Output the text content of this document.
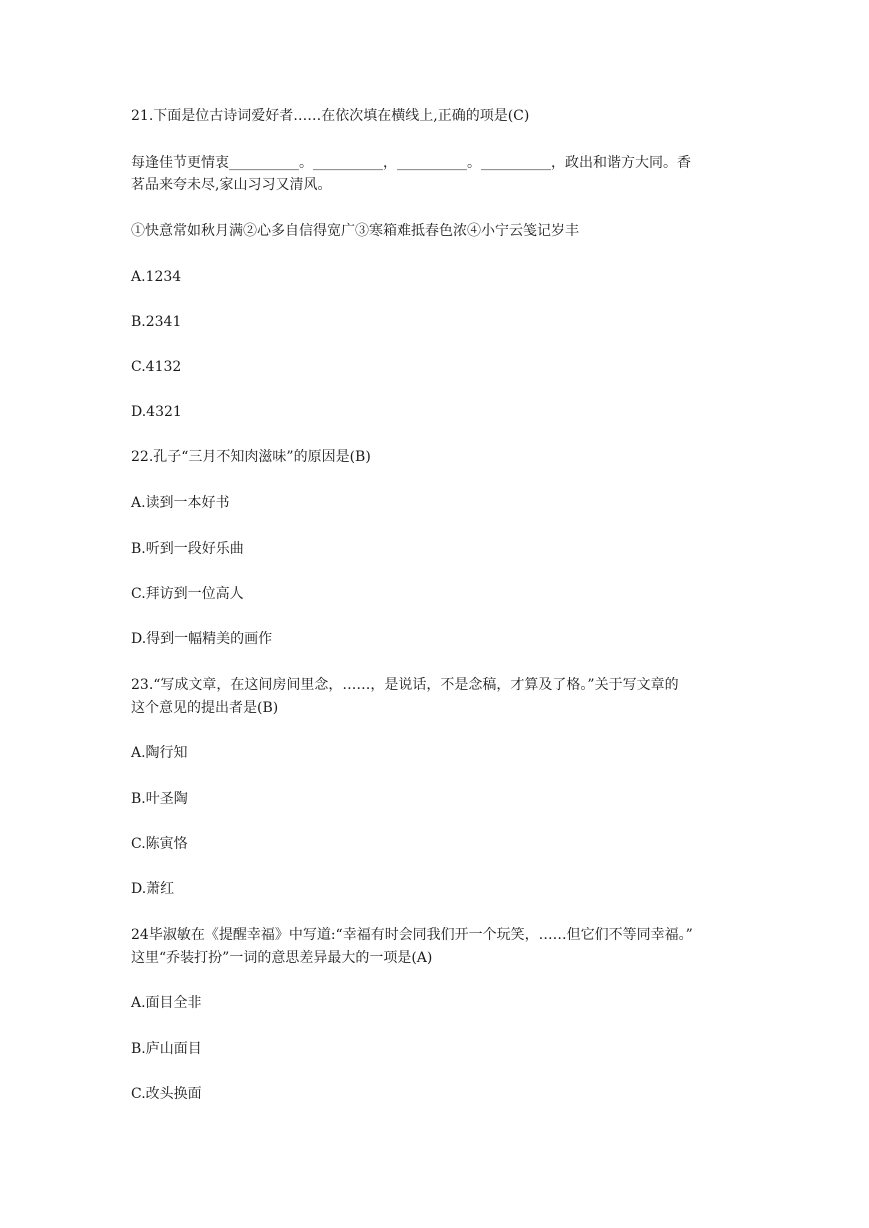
21.下面是位古诗词爱好者……在依次填在横线上,正确的项是(C)
每逢佳节更情衷__________。__________，__________。__________，政出和谐方大同。香
茗品来夸未尽,家山习习又清风。
①快意常如秋月满②心多自信得宽广③寒箱难抵春色浓④小宁云笺记岁丰
A.1234
B.2341
C.4132
D.4321
22.孔子“三月不知肉滋味”的原因是(B)
A.读到一本好书
B.听到一段好乐曲
C.拜访到一位高人
D.得到一幅精美的画作
23.“写成文章，在这间房间里念，……，是说话，不是念稿，才算及了格。”关于写文章的
这个意见的提出者是(B)
A.陶行知
B.叶圣陶
C.陈寅恪
D.萧红
24毕淑敏在《提醒幸福》中写道:“幸福有时会同我们开一个玩笑，……但它们不等同幸福。”
这里“乔装打扮”一词的意思差异最大的一项是(A)
A.面目全非
B.庐山面目
C.改头换面
